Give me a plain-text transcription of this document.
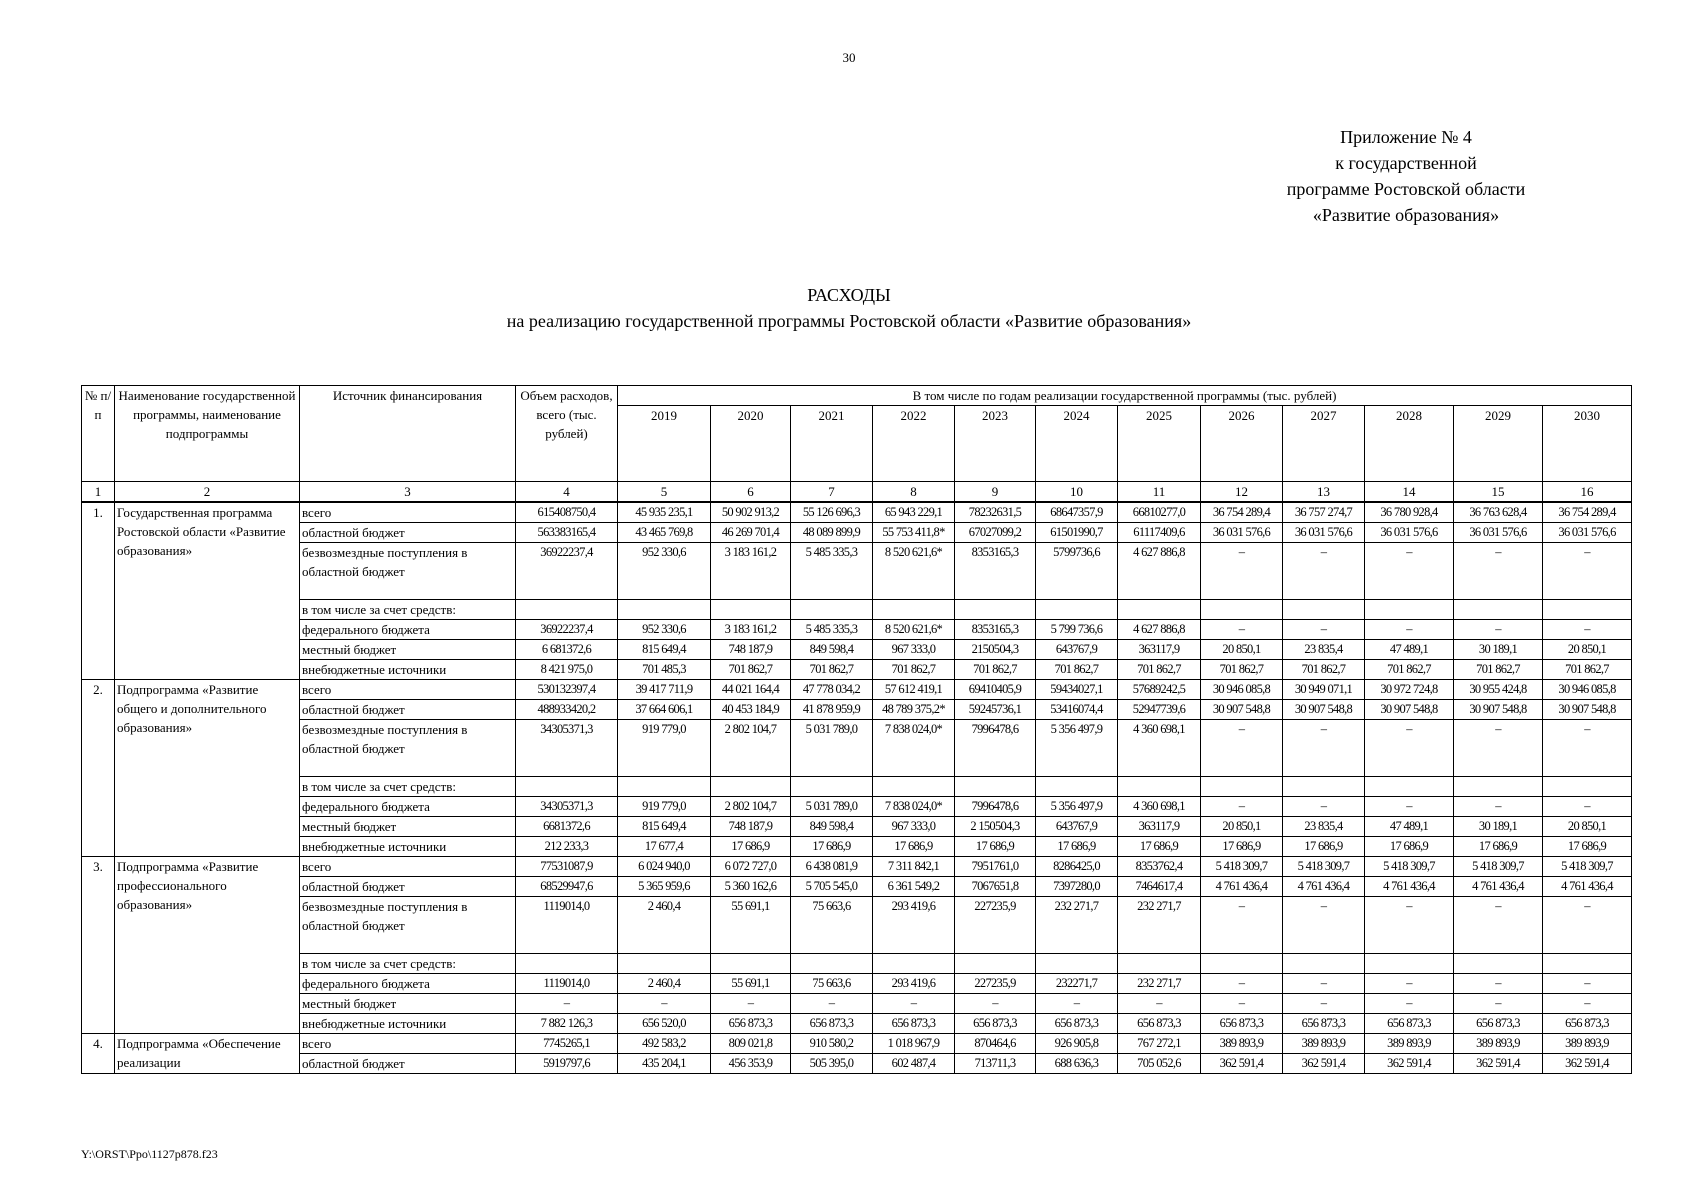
30
Приложение № 4
к государственной
программе Ростовской области
«Развитие образования»
РАСХОДЫ
на реализацию государственной программы Ростовской области «Развитие образования»
№ п/п	Наименование государственной программы, наименование подпрограммы	Источник финансирования	Объем расходов, всего (тыс. рублей)	В том числе по годам реализации государственной программы (тыс. рублей)											
				2019	2020	2021	2022	2023	2024	2025	2026	2027	2028	2029	2030
1	2	3	4	5	6	7	8	9	10	11	12	13	14	15	16
1.	Государственная программа Ростовской области «Развитие образования»	всего	615408750,4	45 935 235,1	50 902 913,2	55 126 696,3	65 943 229,1	78232631,5	68647357,9	66810277,0	36 754 289,4	36 757 274,7	36 780 928,4	36 763 628,4	36 754 289,4
		областной бюджет	563383165,4	43 465 769,8	46 269 701,4	48 089 899,9	55 753 411,8*	67027099,2	61501990,7	61117409,6	36 031 576,6	36 031 576,6	36 031 576,6	36 031 576,6	36 031 576,6
		безвозмездные поступления в областной бюджет	36922237,4	952 330,6	3 183 161,2	5 485 335,3	8 520 621,6*	8353165,3	5799736,6	4 627 886,8	–	–	–	–	–
		в том числе за счет средств:													
		федерального бюджета	36922237,4	952 330,6	3 183 161,2	5 485 335,3	8 520 621,6*	8353165,3	5 799 736,6	4 627 886,8	–	–	–	–	–
		местный бюджет	6 681372,6	815 649,4	748 187,9	849 598,4	967 333,0	2150504,3	643767,9	363117,9	20 850,1	23 835,4	47 489,1	30 189,1	20 850,1
		внебюджетные источники	8 421 975,0	701 485,3	701 862,7	701 862,7	701 862,7	701 862,7	701 862,7	701 862,7	701 862,7	701 862,7	701 862,7	701 862,7	701 862,7
2.	Подпрограмма «Развитие общего и дополнительного образования»	всего	530132397,4	39 417 711,9	44 021 164,4	47 778 034,2	57 612 419,1	69410405,9	59434027,1	57689242,5	30 946 085,8	30 949 071,1	30 972 724,8	30 955 424,8	30 946 085,8
		областной бюджет	488933420,2	37 664 606,1	40 453 184,9	41 878 959,9	48 789 375,2*	59245736,1	53416074,4	52947739,6	30 907 548,8	30 907 548,8	30 907 548,8	30 907 548,8	30 907 548,8
		безвозмездные поступления в областной бюджет	34305371,3	919 779,0	2 802 104,7	5 031 789,0	7 838 024,0*	7996478,6	5 356 497,9	4 360 698,1	–	–	–	–	–
		в том числе за счет средств:													
		федерального бюджета	34305371,3	919 779,0	2 802 104,7	5 031 789,0	7 838 024,0*	7996478,6	5 356 497,9	4 360 698,1	–	–	–	–	–
		местный бюджет	6681372,6	815 649,4	748 187,9	849 598,4	967 333,0	2 150504,3	643767,9	363117,9	20 850,1	23 835,4	47 489,1	30 189,1	20 850,1
		внебюджетные источники	212 233,3	17 677,4	17 686,9	17 686,9	17 686,9	17 686,9	17 686,9	17 686,9	17 686,9	17 686,9	17 686,9	17 686,9	17 686,9
3.	Подпрограмма «Развитие профессионального образования»	всего	77531087,9	6 024 940,0	6 072 727,0	6 438 081,9	7 311 842,1	7951761,0	8286425,0	8353762,4	5 418 309,7	5 418 309,7	5 418 309,7	5 418 309,7	5 418 309,7
		областной бюджет	68529947,6	5 365 959,6	5 360 162,6	5 705 545,0	6 361 549,2	7067651,8	7397280,0	7464617,4	4 761 436,4	4 761 436,4	4 761 436,4	4 761 436,4	4 761 436,4
		безвозмездные поступления в областной бюджет	1119014,0	2 460,4	55 691,1	75 663,6	293 419,6	227235,9	232 271,7	232 271,7	–	–	–	–	–
		в том числе за счет средств:													
		федерального бюджета	1119014,0	2 460,4	55 691,1	75 663,6	293 419,6	227235,9	232271,7	232 271,7	–	–	–	–	–
		местный бюджет	–	–	–	–	–	–	–	–	–	–	–	–	–
		внебюджетные источники	7 882 126,3	656 520,0	656 873,3	656 873,3	656 873,3	656 873,3	656 873,3	656 873,3	656 873,3	656 873,3	656 873,3	656 873,3	656 873,3
4.	Подпрограмма «Обеспечение реализации	всего	7745265,1	492 583,2	809 021,8	910 580,2	1 018 967,9	870464,6	926 905,8	767 272,1	389 893,9	389 893,9	389 893,9	389 893,9	389 893,9
		областной бюджет	5919797,6	435 204,1	456 353,9	505 395,0	602 487,4	713711,3	688 636,3	705 052,6	362 591,4	362 591,4	362 591,4	362 591,4	362 591,4
Y:\ORST\Ppo\1127p878.f23
